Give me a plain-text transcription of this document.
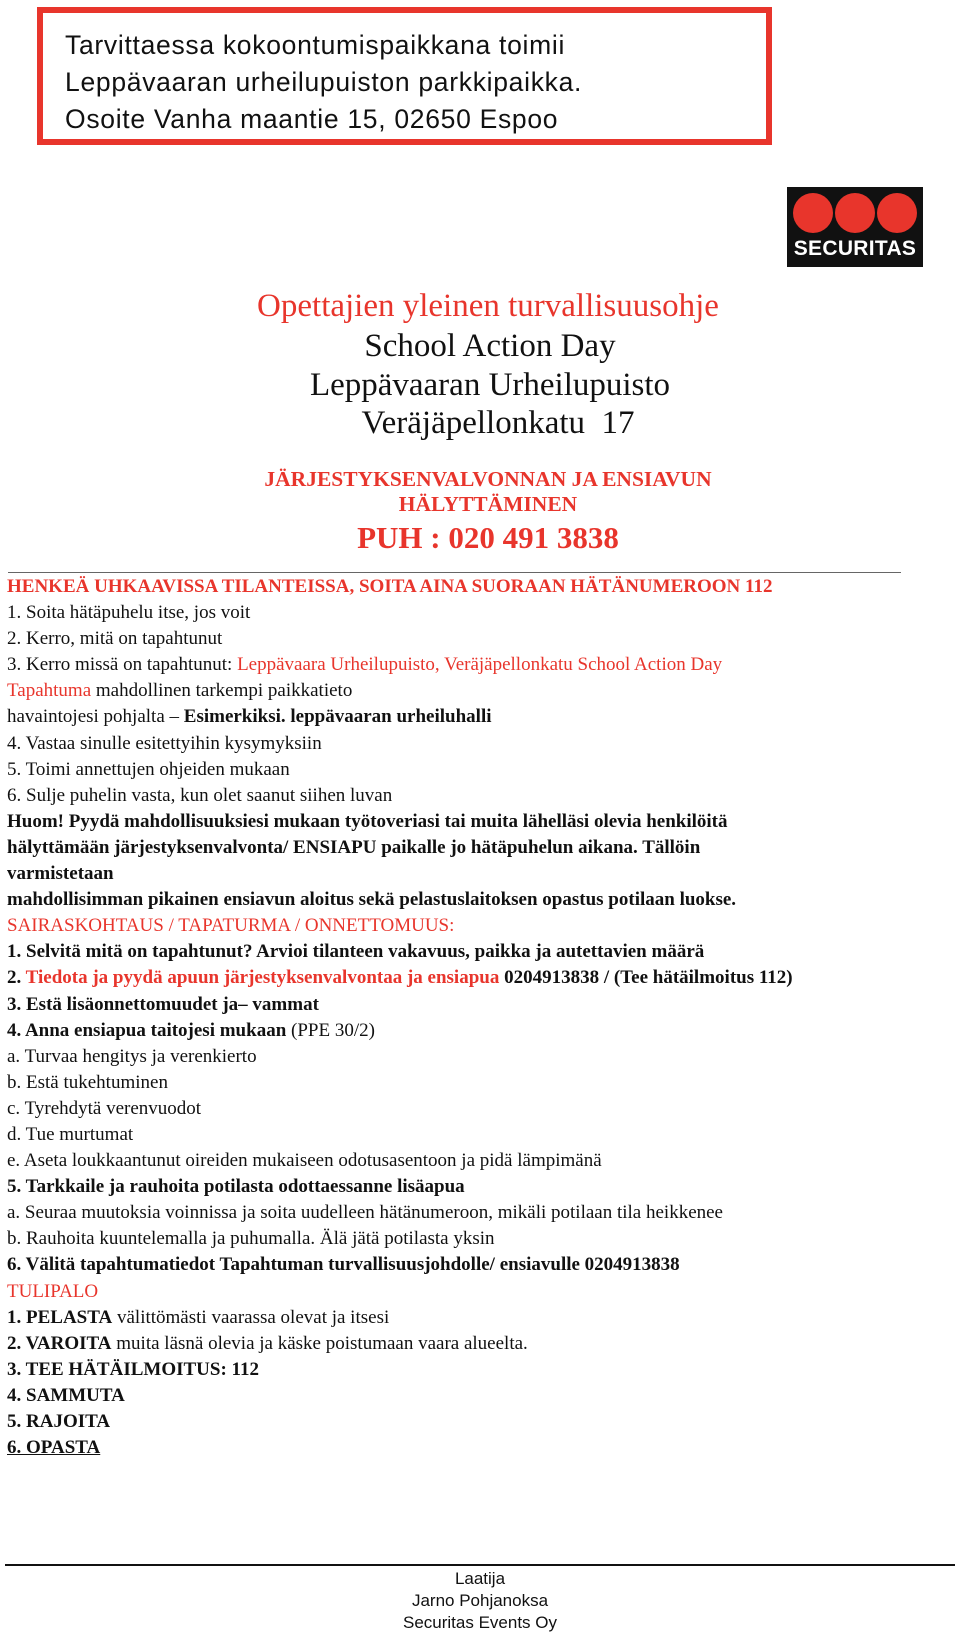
Tarvittaessa kokoontumispaikkana toimii
Leppävaaran urheilupuiston parkkipaikka.
Osoite Vanha maantie 15, 02650 Espoo
SECURITAS
Opettajien yleinen turvallisuusohje
School Action Day
Leppävaaran Urheilupuisto
Veräjäpellonkatu  17
JÄRJESTYKSENVALVONNAN JA ENSIAVUN
HÄLYTTÄMINEN
PUH : 020 491 3838
HENKEÄ UHKAAVISSA TILANTEISSA, SOITA AINA SUORAAN HÄTÄNUMEROON 112
1. Soita hätäpuhelu itse, jos voit
2. Kerro, mitä on tapahtunut
3. Kerro missä on tapahtunut: Leppävaara Urheilupuisto, Veräjäpellonkatu School Action Day
Tapahtuma mahdollinen tarkempi paikkatieto
havaintojesi pohjalta – Esimerkiksi. leppävaaran urheiluhalli
4. Vastaa sinulle esitettyihin kysymyksiin
5. Toimi annettujen ohjeiden mukaan
6. Sulje puhelin vasta, kun olet saanut siihen luvan
Huom! Pyydä mahdollisuuksiesi mukaan työtoveriasi tai muita lähelläsi olevia henkilöitä
hälyttämään järjestyksenvalvonta/ ENSIAPU paikalle jo hätäpuhelun aikana. Tällöin
varmistetaan
mahdollisimman pikainen ensiavun aloitus sekä pelastuslaitoksen opastus potilaan luokse.
SAIRASKOHTAUS / TAPATURMA / ONNETTOMUUS:
1. Selvitä mitä on tapahtunut? Arvioi tilanteen vakavuus, paikka ja autettavien määrä
2. Tiedota ja pyydä apuun järjestyksenvalvontaa ja ensiapua 0204913838 / (Tee hätäilmoitus 112)
3. Estä lisäonnettomuudet ja– vammat
4. Anna ensiapua taitojesi mukaan (PPE 30/2)
a. Turvaa hengitys ja verenkierto
b. Estä tukehtuminen
c. Tyrehdytä verenvuodot
d. Tue murtumat
e. Aseta loukkaantunut oireiden mukaiseen odotusasentoon ja pidä lämpimänä
5. Tarkkaile ja rauhoita potilasta odottaessanne lisäapua
a. Seuraa muutoksia voinnissa ja soita uudelleen hätänumeroon, mikäli potilaan tila heikkenee
b. Rauhoita kuuntelemalla ja puhumalla. Älä jätä potilasta yksin
6. Välitä tapahtumatiedot Tapahtuman turvallisuusjohdolle/ ensiavulle 0204913838
TULIPALO
1. PELASTA välittömästi vaarassa olevat ja itsesi
2. VAROITA muita läsnä olevia ja käske poistumaan vaara alueelta.
3. TEE HÄTÄILMOITUS: 112
4. SAMMUTA
5. RAJOITA
6. OPASTA
Laatija
Jarno Pohjanoksa
Securitas Events Oy
